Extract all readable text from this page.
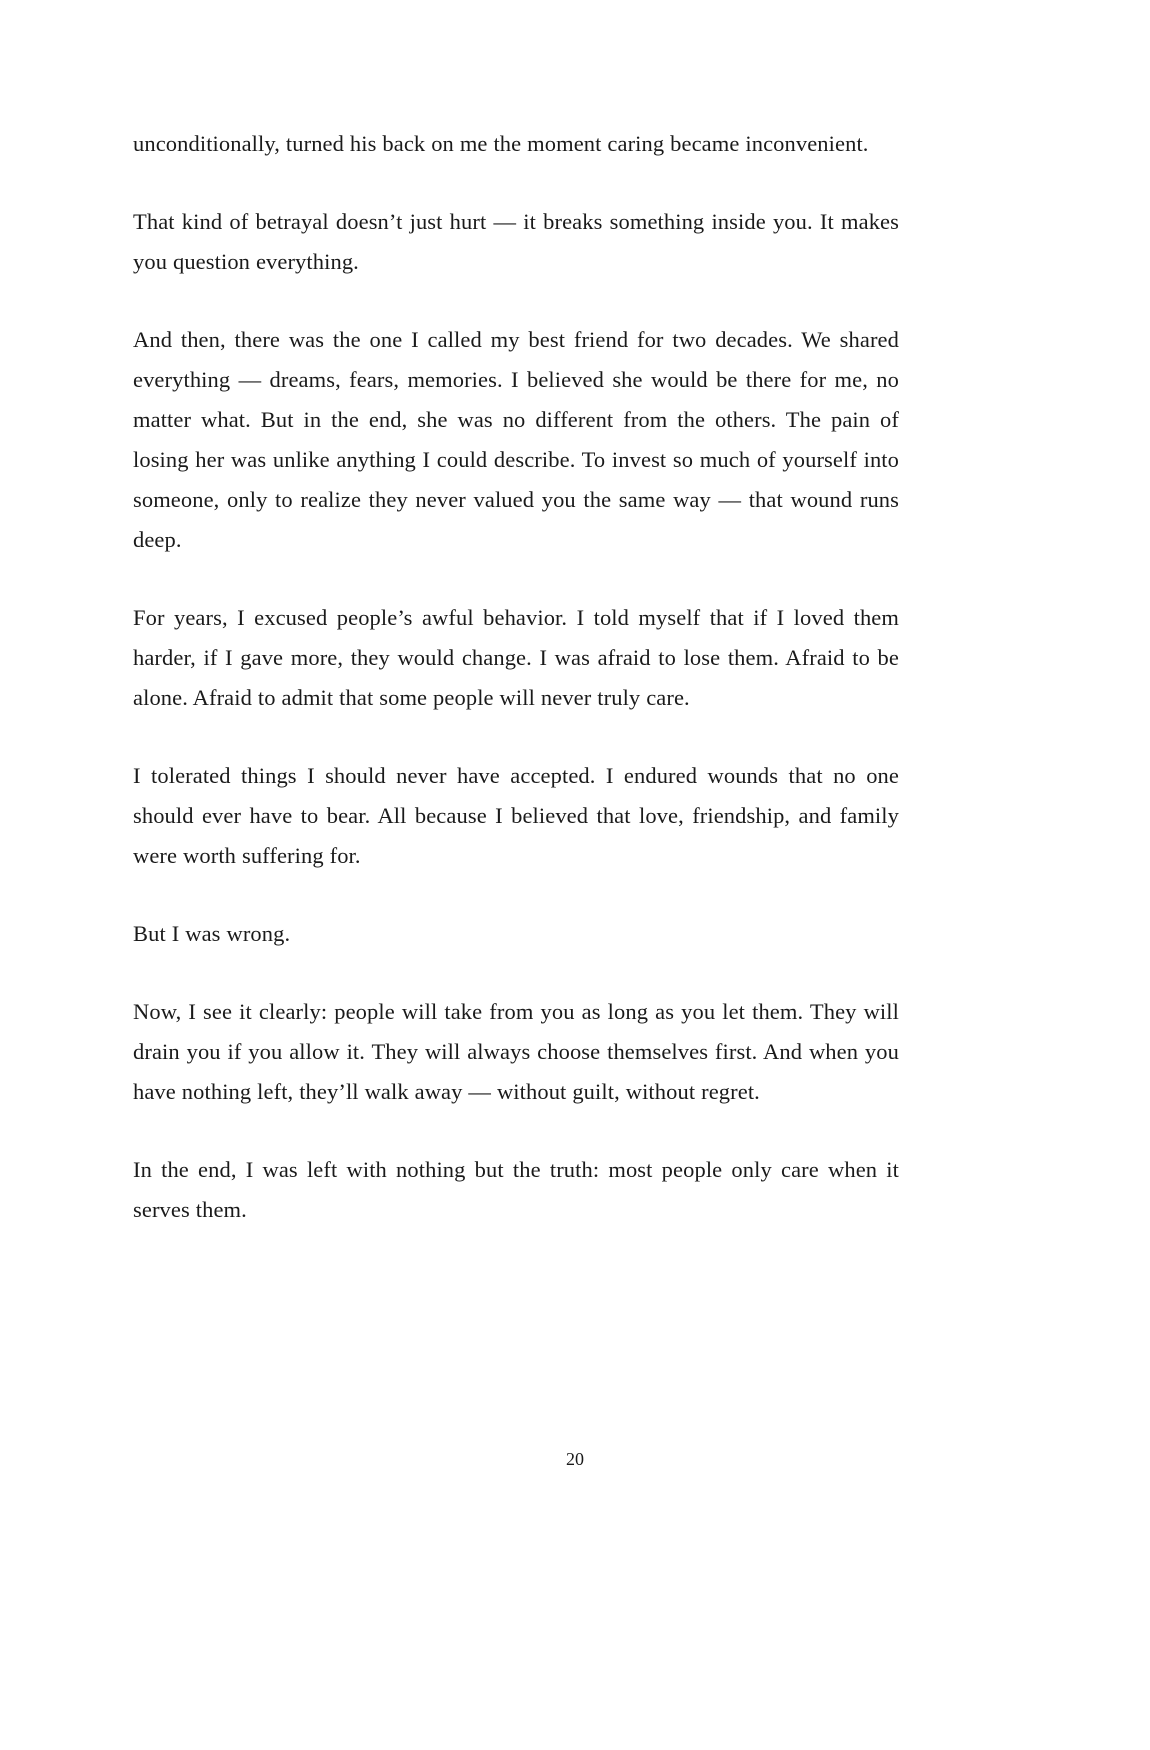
unconditionally, turned his back on me the moment caring became inconvenient.

That kind of betrayal doesn’t just hurt — it breaks something inside you. It makes you question everything.

And then, there was the one I called my best friend for two decades. We shared everything — dreams, fears, memories. I believed she would be there for me, no matter what. But in the end, she was no different from the others. The pain of losing her was unlike anything I could describe. To invest so much of yourself into someone, only to realize they never valued you the same way — that wound runs deep.

For years, I excused people’s awful behavior. I told myself that if I loved them harder, if I gave more, they would change. I was afraid to lose them. Afraid to be alone. Afraid to admit that some people will never truly care.

I tolerated things I should never have accepted. I endured wounds that no one should ever have to bear. All because I believed that love, friendship, and family were worth suffering for.

But I was wrong.

Now, I see it clearly: people will take from you as long as you let them. They will drain you if you allow it. They will always choose themselves first. And when you have nothing left, they’ll walk away — without guilt, without regret.

In the end, I was left with nothing but the truth: most people only care when it serves them.

20
